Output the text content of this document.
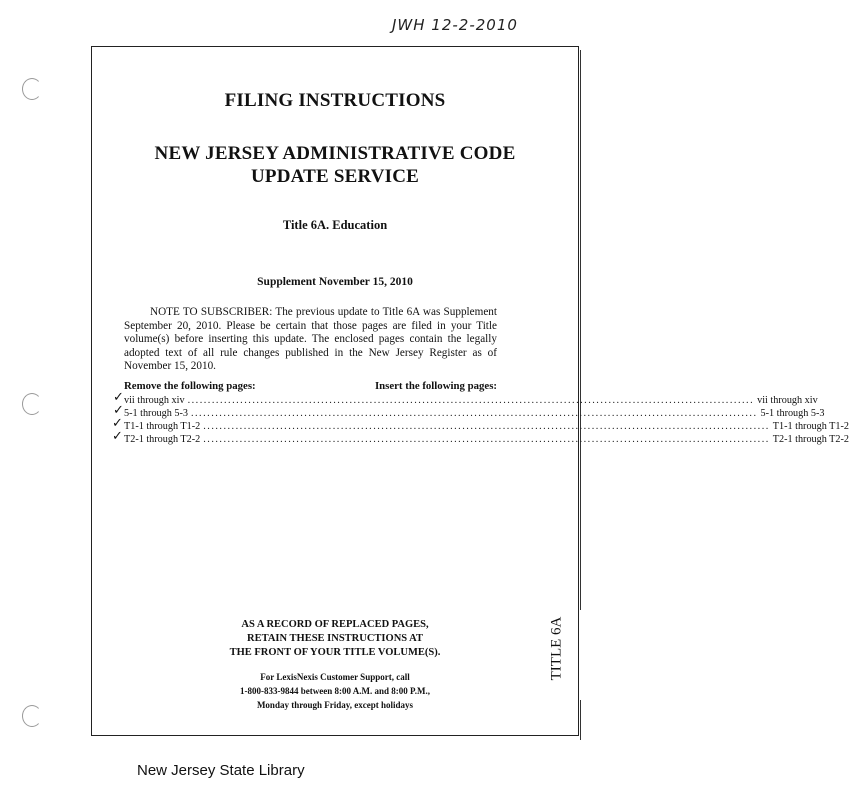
JWH 12-2-2010
FILING INSTRUCTIONS
NEW JERSEY ADMINISTRATIVE CODE
UPDATE SERVICE
Title 6A. Education
Supplement November 15, 2010
NOTE TO SUBSCRIBER: The previous update to Title 6A was Supplement September 20, 2010. Please be certain that those pages are filed in your Title volume(s) before inserting this update. The enclosed pages contain the legally adopted text of all rule changes published in the New Jersey Register as of November 15, 2010.
Remove the following pages:	Insert the following pages:
vii through xiv ............................................................................................................................................ vii through xiv
5-1 through 5-3 ............................................................................................................................................ 5-1 through 5-3
T1-1 through T1-2 ............................................................................................................................................ T1-1 through T1-2
T2-1 through T2-2 ............................................................................................................................................ T2-1 through T2-2
✓
✓
✓
✓
AS A RECORD OF REPLACED PAGES,
RETAIN THESE INSTRUCTIONS AT
THE FRONT OF YOUR TITLE VOLUME(S).
For LexisNexis Customer Support, call
1-800-833-9844 between 8:00 A.M. and 8:00 P.M.,
Monday through Friday, except holidays
TITLE 6A
New Jersey State Library
